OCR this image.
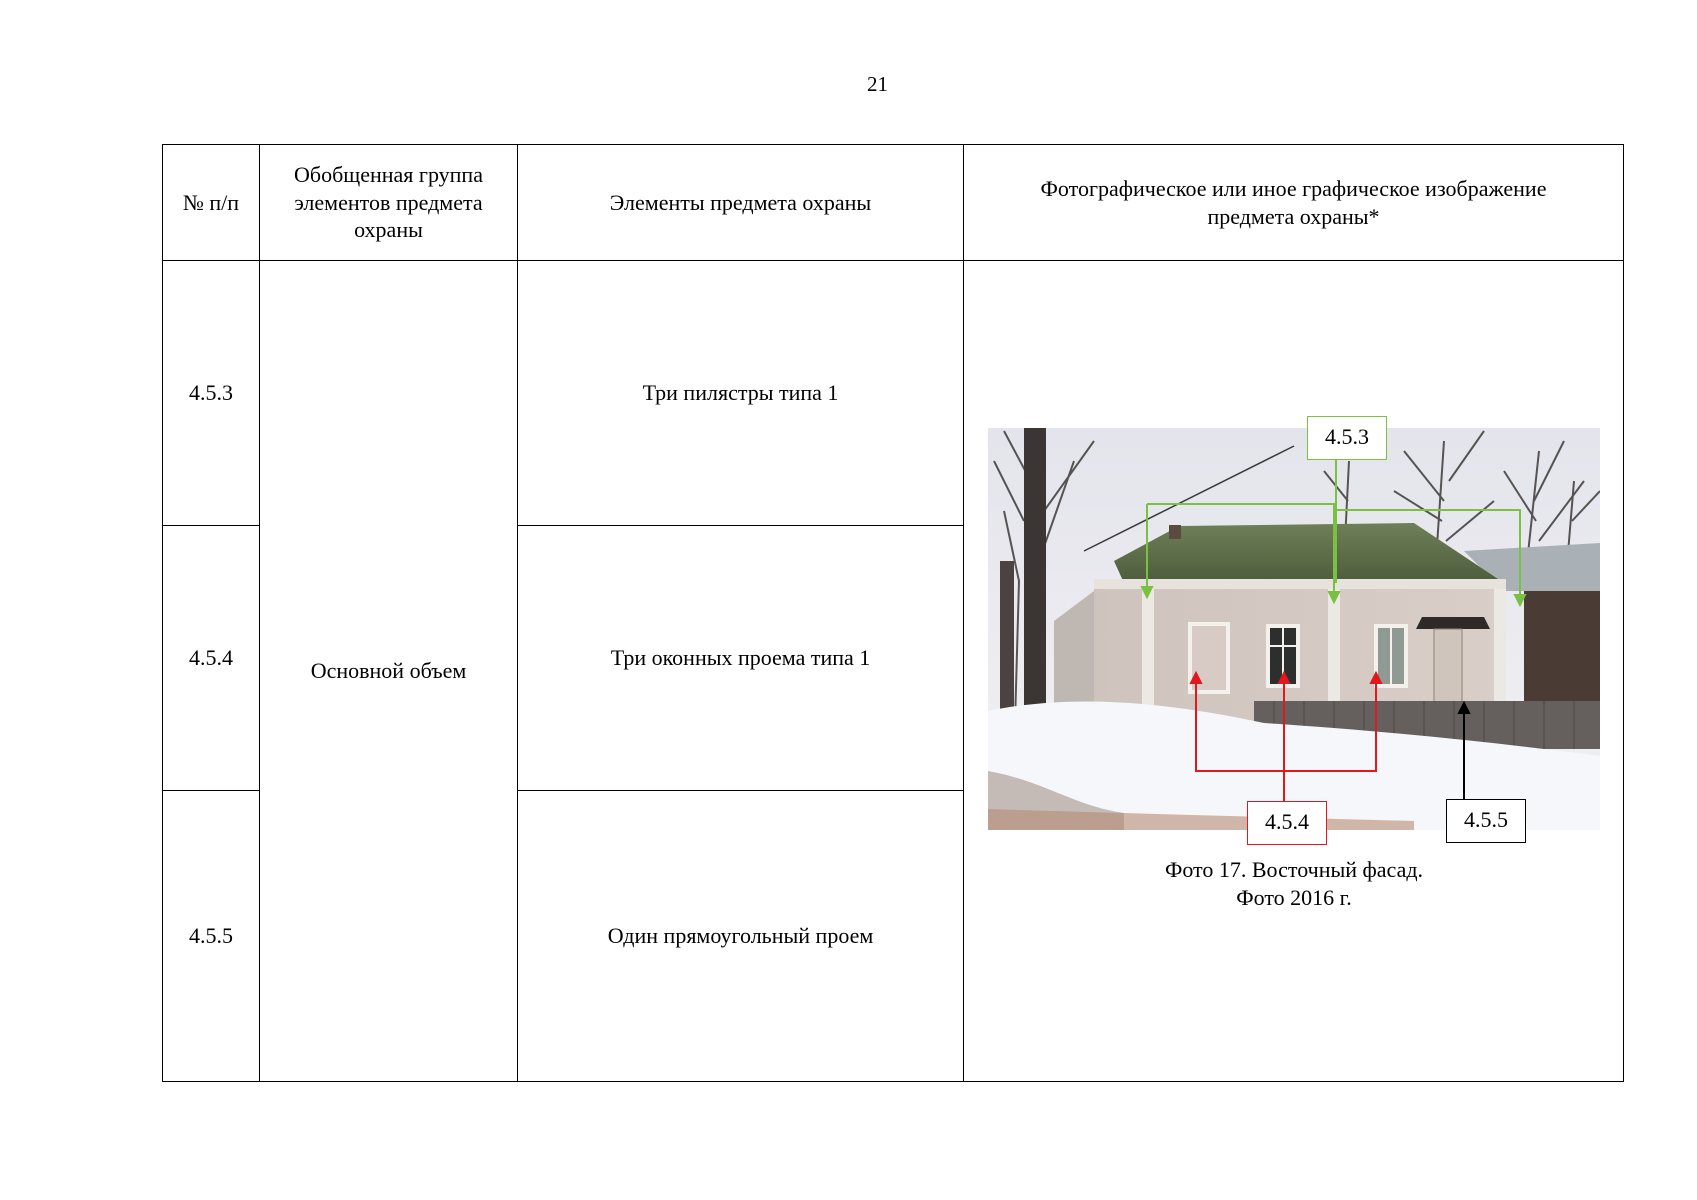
21
№ п/п	Обобщенная группа элементов предмета охраны	Элементы предмета охраны	Фотографическое или иное графическое изображение предмета охраны*
4.5.3	Основной объем	Три пилястры типа 1	4.5.3
4.5.4 4.5.5
Фото 17. Восточный фасад.
Фото 2016 г.

4.5.4		Три оконных проема типа 1	
4.5.5		Один прямоугольный проем	
